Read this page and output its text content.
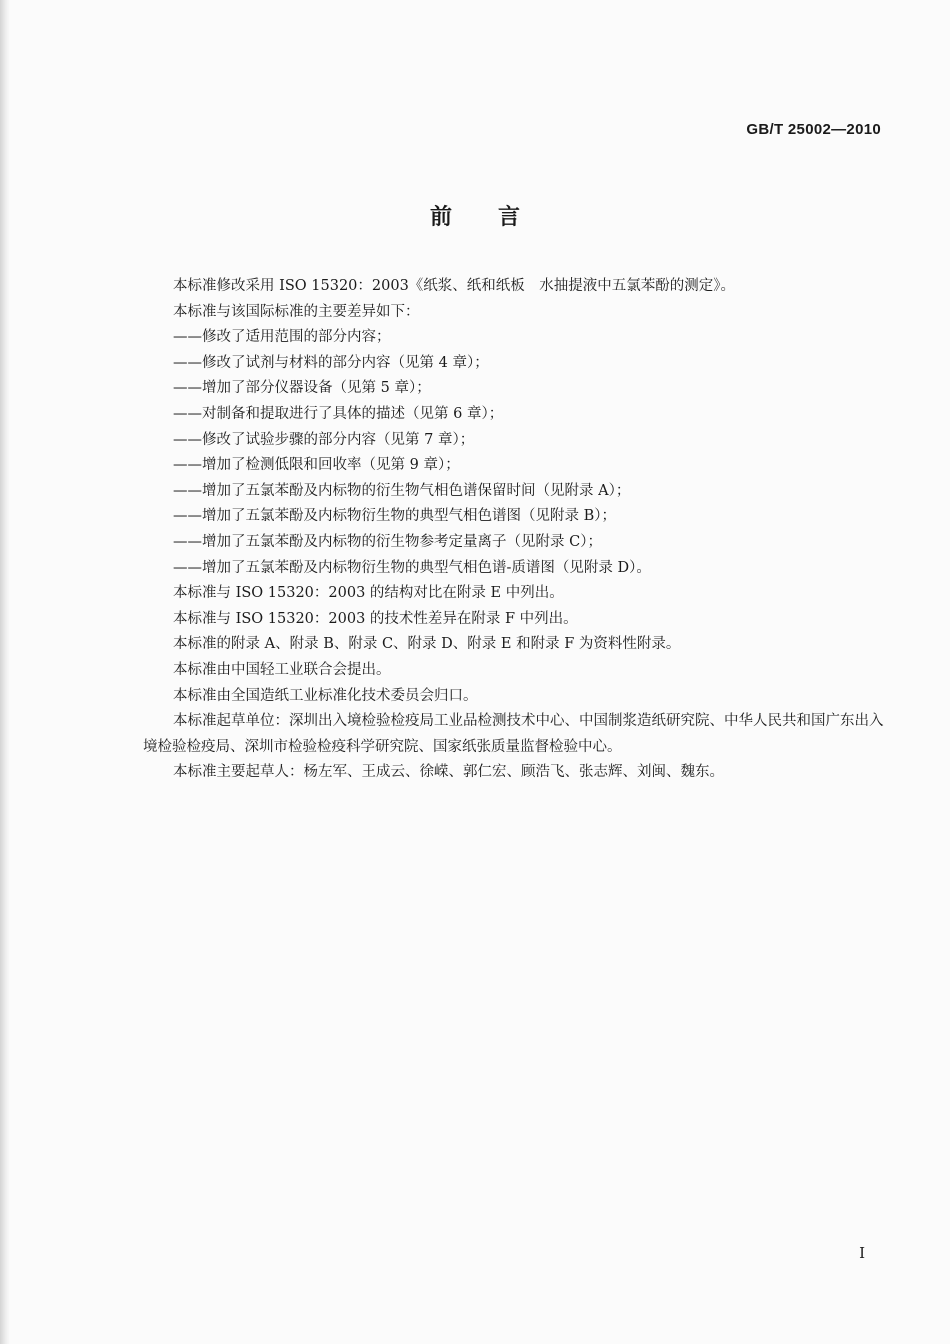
GB/T 25002—2010
前言

本标准修改采用 ISO 15320：2003《纸浆、纸和纸板　水抽提液中五氯苯酚的测定》。

本标准与该国际标准的主要差异如下：

——修改了适用范围的部分内容；

——修改了试剂与材料的部分内容（见第 4 章）；

——增加了部分仪器设备（见第 5 章）；

——对制备和提取进行了具体的描述（见第 6 章）；

——修改了试验步骤的部分内容（见第 7 章）；

——增加了检测低限和回收率（见第 9 章）；

——增加了五氯苯酚及内标物的衍生物气相色谱保留时间（见附录 A）；

——增加了五氯苯酚及内标物衍生物的典型气相色谱图（见附录 B）；

——增加了五氯苯酚及内标物的衍生物参考定量离子（见附录 C）；

——增加了五氯苯酚及内标物衍生物的典型气相色谱-质谱图（见附录 D）。

本标准与 ISO 15320：2003 的结构对比在附录 E 中列出。

本标准与 ISO 15320：2003 的技术性差异在附录 F 中列出。

本标准的附录 A、附录 B、附录 C、附录 D、附录 E 和附录 F 为资料性附录。

本标准由中国轻工业联合会提出。

本标准由全国造纸工业标准化技术委员会归口。

本标准起草单位：深圳出入境检验检疫局工业品检测技术中心、中国制浆造纸研究院、中华人民共和国广东出入境检验检疫局、深圳市检验检疫科学研究院、国家纸张质量监督检验中心。

本标准主要起草人：杨左军、王成云、徐嵘、郭仁宏、顾浩飞、张志辉、刘闽、魏东。

I
